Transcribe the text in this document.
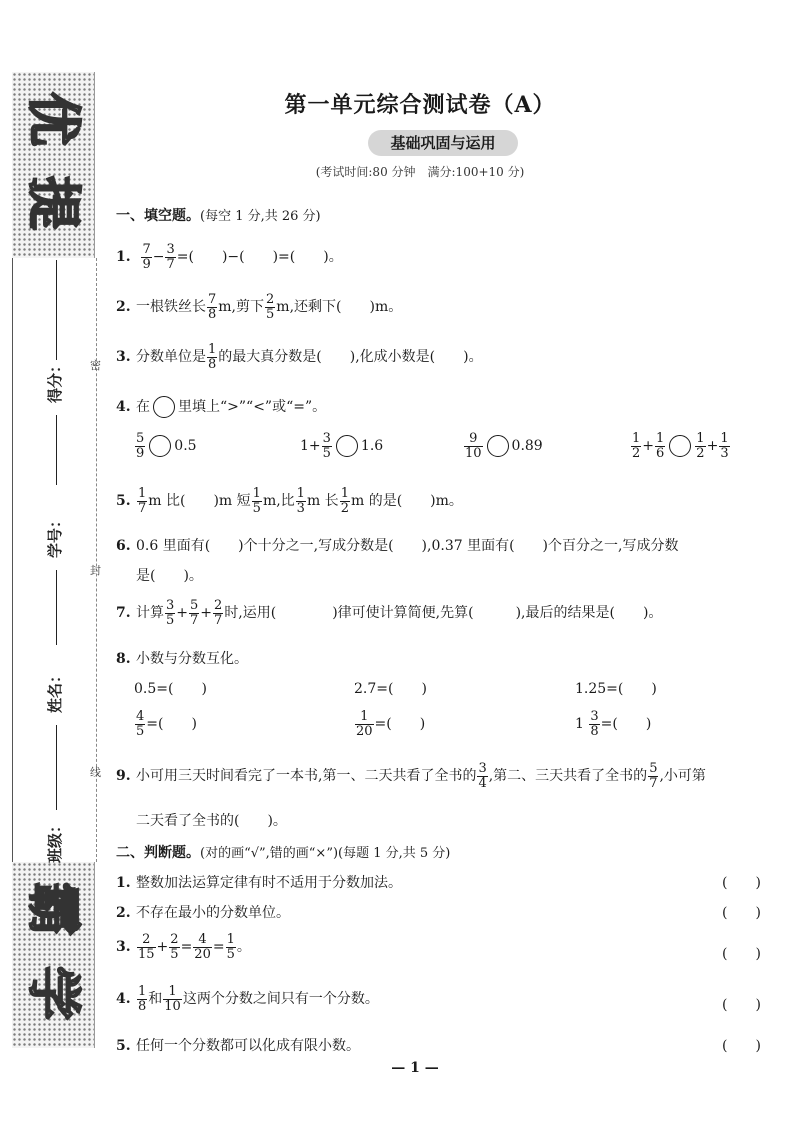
优
提
霸
学
得分：
学号：
姓名：
班级：
密
封
线
第一单元综合测试卷（A）
基础巩固与运用
(考试时间:80 分钟　满分:100+10 分)
一、填空题。(每空 1 分,共 26 分)
1. $\frac{7}{9} - \frac{3}{7}$ =(　　)−(　　)=(　　)。
2. 一根铁丝长 $\frac{7}{8} m$,剪下 $\frac{2}{5} m$,还剩下(　　)m。
3. 分数单位是 $\frac{1}{8}$ 的最大真分数是(　　),化成小数是(　　)。
4. 在 里填上“>”“<”或“=”。
$\frac{5}{9} 0.5$	$1+ \frac{3}{5} 1.6$	$\frac{9}{10} 0.89$	$\frac{1}{2} + \frac{1}{6} \frac{1}{2} + \frac{1}{3}$
5. $\frac{1}{7}$ m 比(　　)m 短 $\frac{1}{5} m$,比 $\frac{1}{3}$ m 长 $\frac{1}{2}$ m 的是(　　)m。
6. 0.6 里面有(　　)个十分之一,写成分数是(　　),0.37 里面有(　　)个百分之一,写成分数
是(　　)。
7. 计算 $\frac{3}{5} + \frac{5}{7} + \frac{2}{7}$ 时,运用(　　　　)律可使计算简便,先算(　　　),最后的结果是(　　)。
8. 小数与分数互化。
0.5=(　　)	2.7=(　　)	1.25=(　　)
$\frac{4}{5}$ =(　　)	$\frac{1}{20}$ =(　　)	$1 \frac{3}{8}$ =(　　)
9. 小可用三天时间看完了一本书,第一、二天共看了全书的 $\frac{3}{4}$ ,第二、三天共看了全书的 $\frac{5}{7}$ ,小可第
二天看了全书的(　　)。
二、判断题。(对的画“√”,错的画“×”)(每题 1 分,共 5 分)
1. 整数加法运算定律有时不适用于分数加法。	(　　)
2. 不存在最小的分数单位。	(　　)
3. $\frac{2}{15} + \frac{2}{5} = \frac{4}{20} = \frac{1}{5}$ 。	(　　)
4. $\frac{1}{8}$ 和 $\frac{1}{10}$ 这两个分数之间只有一个分数。	(　　)
5. 任何一个分数都可以化成有限小数。	(　　)
— 1 —
